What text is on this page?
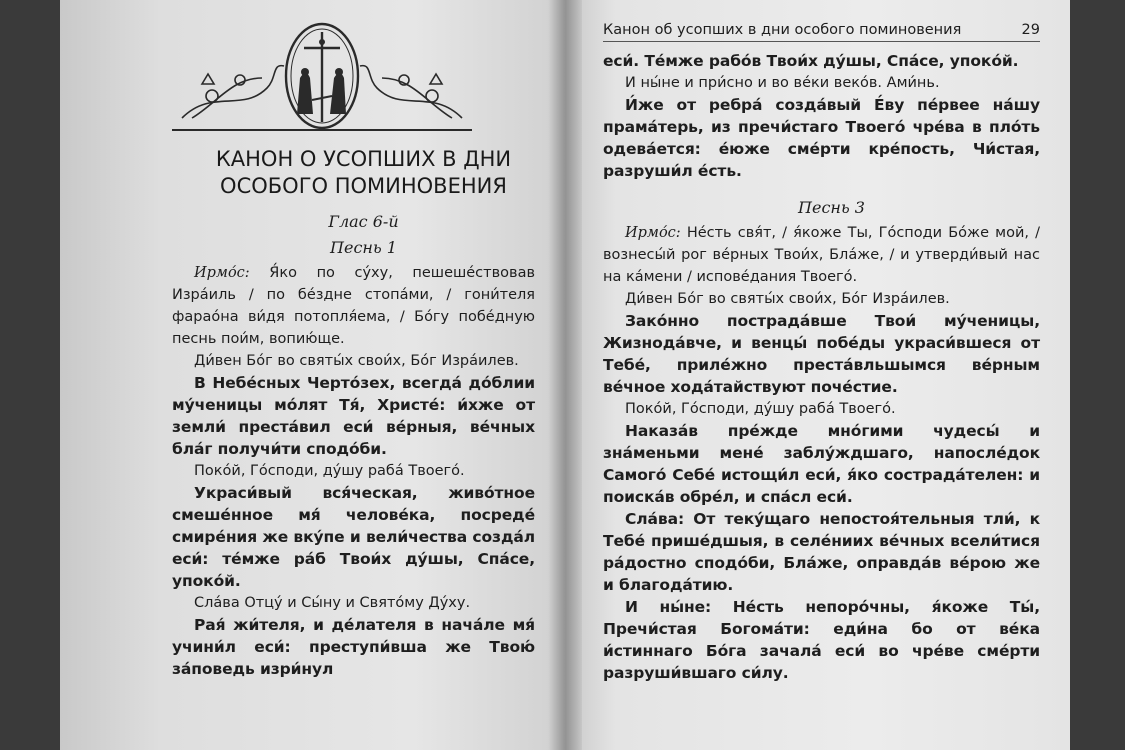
КАНОН О УСОПШИХ В ДНИ ОСОБОГО ПОМИНОВЕНИЯ
Глас 6-й
Песнь 1

Ирмо́с: Я́ко по су́ху, пешеше́ствовав Изра́иль / по бе́здне стопа́ми, / гони́теля фарао́на ви́дя потопля́ема, / Бо́гу побе́дную песнь пои́м, вопию́ще.

Ди́вен Бо́г во святы́х свои́х, Бо́г Изра́илев.

В Небе́сных Черто́зех, всегда́ до́блии му́ченицы мо́лят Тя́, Христе́: и́хже от земли́ преста́вил еси́ ве́рныя, ве́чных бла́г получи́ти сподо́би.

Поко́й, Го́споди, ду́шу раба́ Твоего́.

Украси́вый вся́ческая, живо́тное смеше́нное мя́ челове́ка, посреде́ смире́ния же вку́пе и вели́чества созда́л еси́: те́мже ра́б Твои́х ду́шы, Спа́се, упоко́й.

Сла́ва Отцу́ и Сы́ну и Свято́му Ду́ху.

Рая́ жи́теля, и де́лателя в нача́ле мя́ учини́л еси́: преступи́вша же Твою́ за́поведь изри́нул

Канон об усопших в дни особого поминовения	29

еси́. Те́мже рабо́в Твои́х ду́шы, Спа́се, упоко́й.

И ны́не и при́сно и во ве́ки веко́в. Ами́нь.

И́же от ребра́ созда́вый Е́ву пе́рвее на́шу прама́терь, из пречи́стаго Твоего́ чре́ва в пло́ть одева́ется: е́юже сме́рти кре́пость, Чи́стая, разруши́л е́сть.

Песнь 3

Ирмо́с: Не́сть свя́т, / я́коже Ты, Го́споди Бо́же мой, / вознесы́й рог ве́рных Твои́х, Бла́же, / и утверди́вый нас на ка́мени / испове́дания Твоего́.

Ди́вен Бо́г во святы́х свои́х, Бо́г Изра́илев.

Зако́нно пострада́вше Твои́ му́ченицы, Жизнода́вче, и венцы́ побе́ды украси́вшеся от Тебе́, приле́жно преста́вльшымся ве́рным ве́чное хода́тайствуют поче́стие.

Поко́й, Го́споди, ду́шу раба́ Твоего́.

Наказа́в пре́жде мно́гими чудесы́ и зна́меньми мене́ заблу́ждшаго, напосле́док Самого́ Себе́ истощи́л еси́, я́ко сострада́телен: и поиска́в обре́л, и спа́сл еси́.

Сла́ва: От теку́щаго непостоя́тельныя тли́, к Тебе́ прише́дшыя, в селе́ниих ве́чных всели́тися ра́достно сподо́би, Бла́же, оправда́в ве́рою же и благода́тию.

И ны́не: Не́сть непоро́чны, я́коже Ты́, Пречи́стая Богома́ти: еди́на бо от ве́ка и́стиннаго Бо́га зачала́ еси́ во чре́ве сме́рти разруши́вшаго си́лу.
